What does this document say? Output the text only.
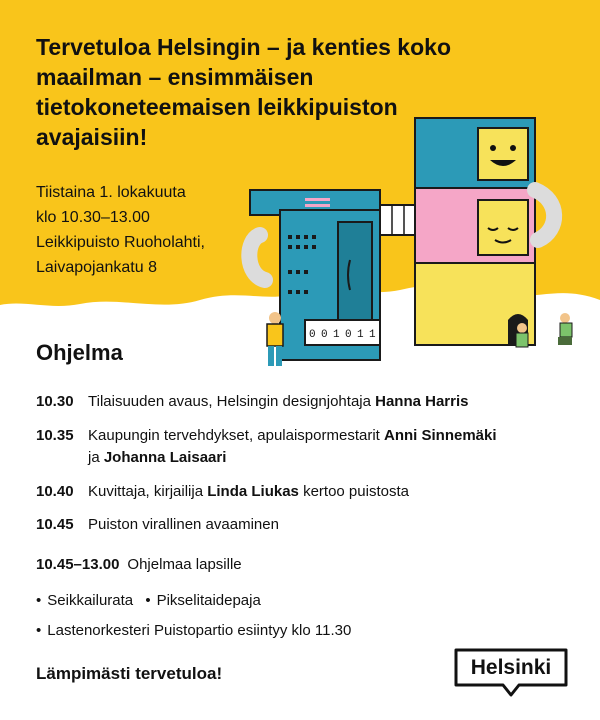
Tervetuloa Helsingin – ja kenties koko maailman – ensimmäisen tietokoneteemaisen leikkipuiston avajaisiin!
Tiistaina 1. lokakuuta
klo 10.30–13.00
Leikkipuisto Ruoholahti,
Laivapojankatu 8
0 0 1 0 1 1
Ohjelma
10.30 Tilaisuuden avaus, Helsingin designjohtaja Hanna Harris
10.35 Kaupungin tervehdykset, apulaispormestarit Anni Sinnemäki
ja Johanna Laisaari
10.40 Kuvittaja, kirjailija Linda Liukas kertoo puistosta
10.45 Puiston virallinen avaaminen
10.45–13.00 Ohjelmaa lapsille
• Seikkailurata • Pikselitaidepaja
• Lastenorkesteri Puistopartio esiintyy klo 11.30

Lämpimästi tervetuloa!	Helsinki
